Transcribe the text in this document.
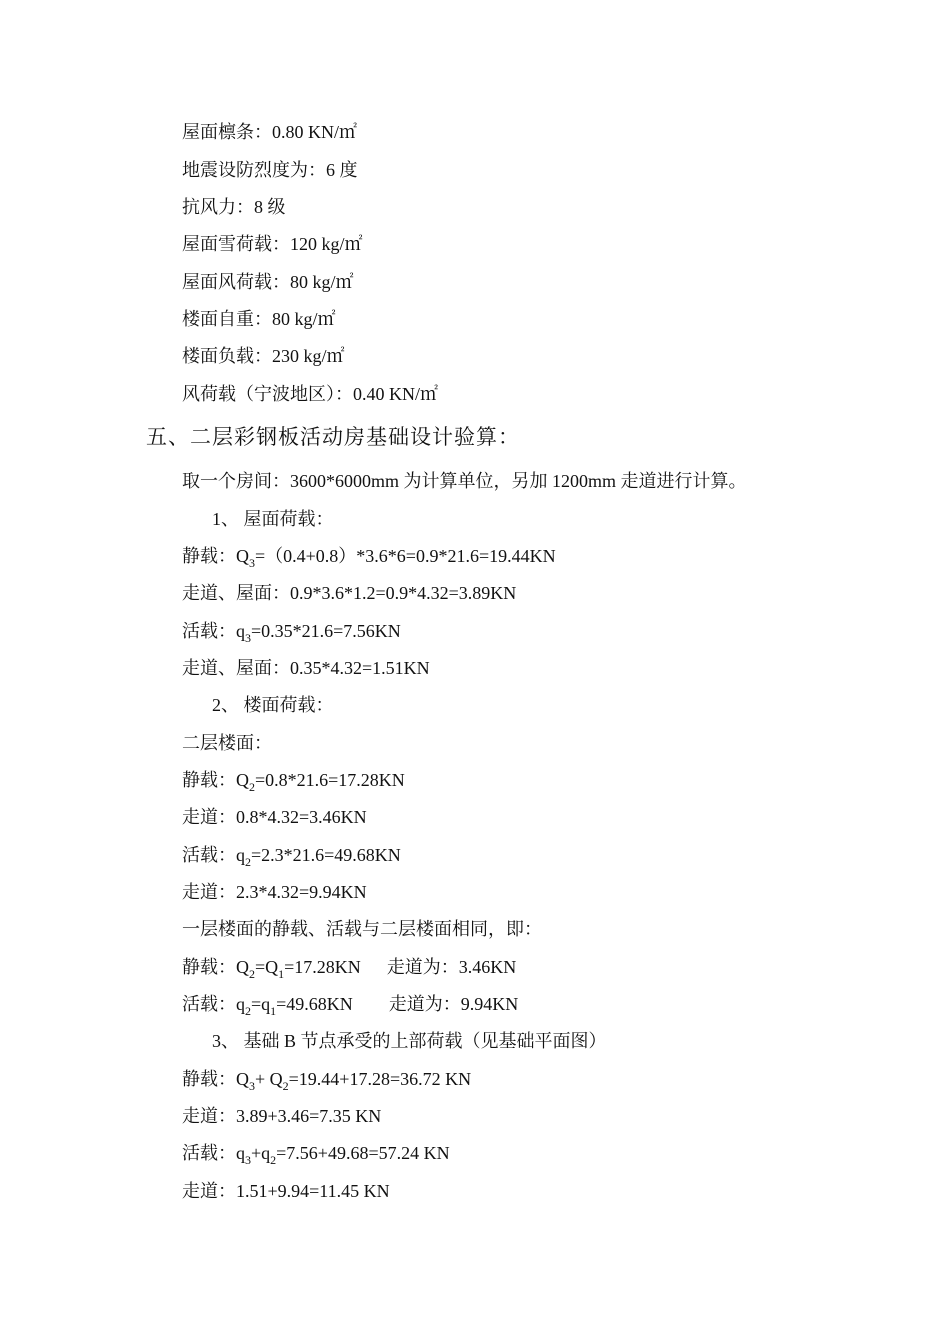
屋面檩条：0.80 KN/㎡
地震设防烈度为：6 度
抗风力：8 级
屋面雪荷载：120 kg/㎡
屋面风荷载：80 kg/㎡
楼面自重：80 kg/㎡
楼面负载：230 kg/㎡
风荷载（宁波地区）：0.40 KN/㎡
五、二层彩钢板活动房基础设计验算：
取一个房间：3600*6000mm 为计算单位，另加 1200mm 走道进行计算。
1、 屋面荷载：
静载：$Q_3=(0.4+0.8)*3.6*6=0.9*21.6=19.44KN$
走道、屋面：0.9*3.6*1.2=0.9*4.32=3.89KN
活载：$q_3=0.35*21.6=7.56KN$
走道、屋面：0.35*4.32=1.51KN
2、 楼面荷载：
二层楼面：
静载：$Q_2=0.8*21.6=17.28KN$
走道：0.8*4.32=3.46KN
活载：$q_2=2.3*21.6=49.68KN$
走道：2.3*4.32=9.94KN
一层楼面的静载、活载与二层楼面相同，即：
静载：$Q_2=Q_1=17.28KN$ 走道为：3.46KN
活载：$q_2=q_1=49.68KN$ 走道为：9.94KN
3、 基础 B 节点承受的上部荷载（见基础平面图）
静载：$Q_3+ Q_2=19.44+17.28=36.72$ KN
走道：3.89+3.46=7.35 KN
活载：$q_3+q_2=7.56+49.68=57.24$ KN
走道：1.51+9.94=11.45 KN
